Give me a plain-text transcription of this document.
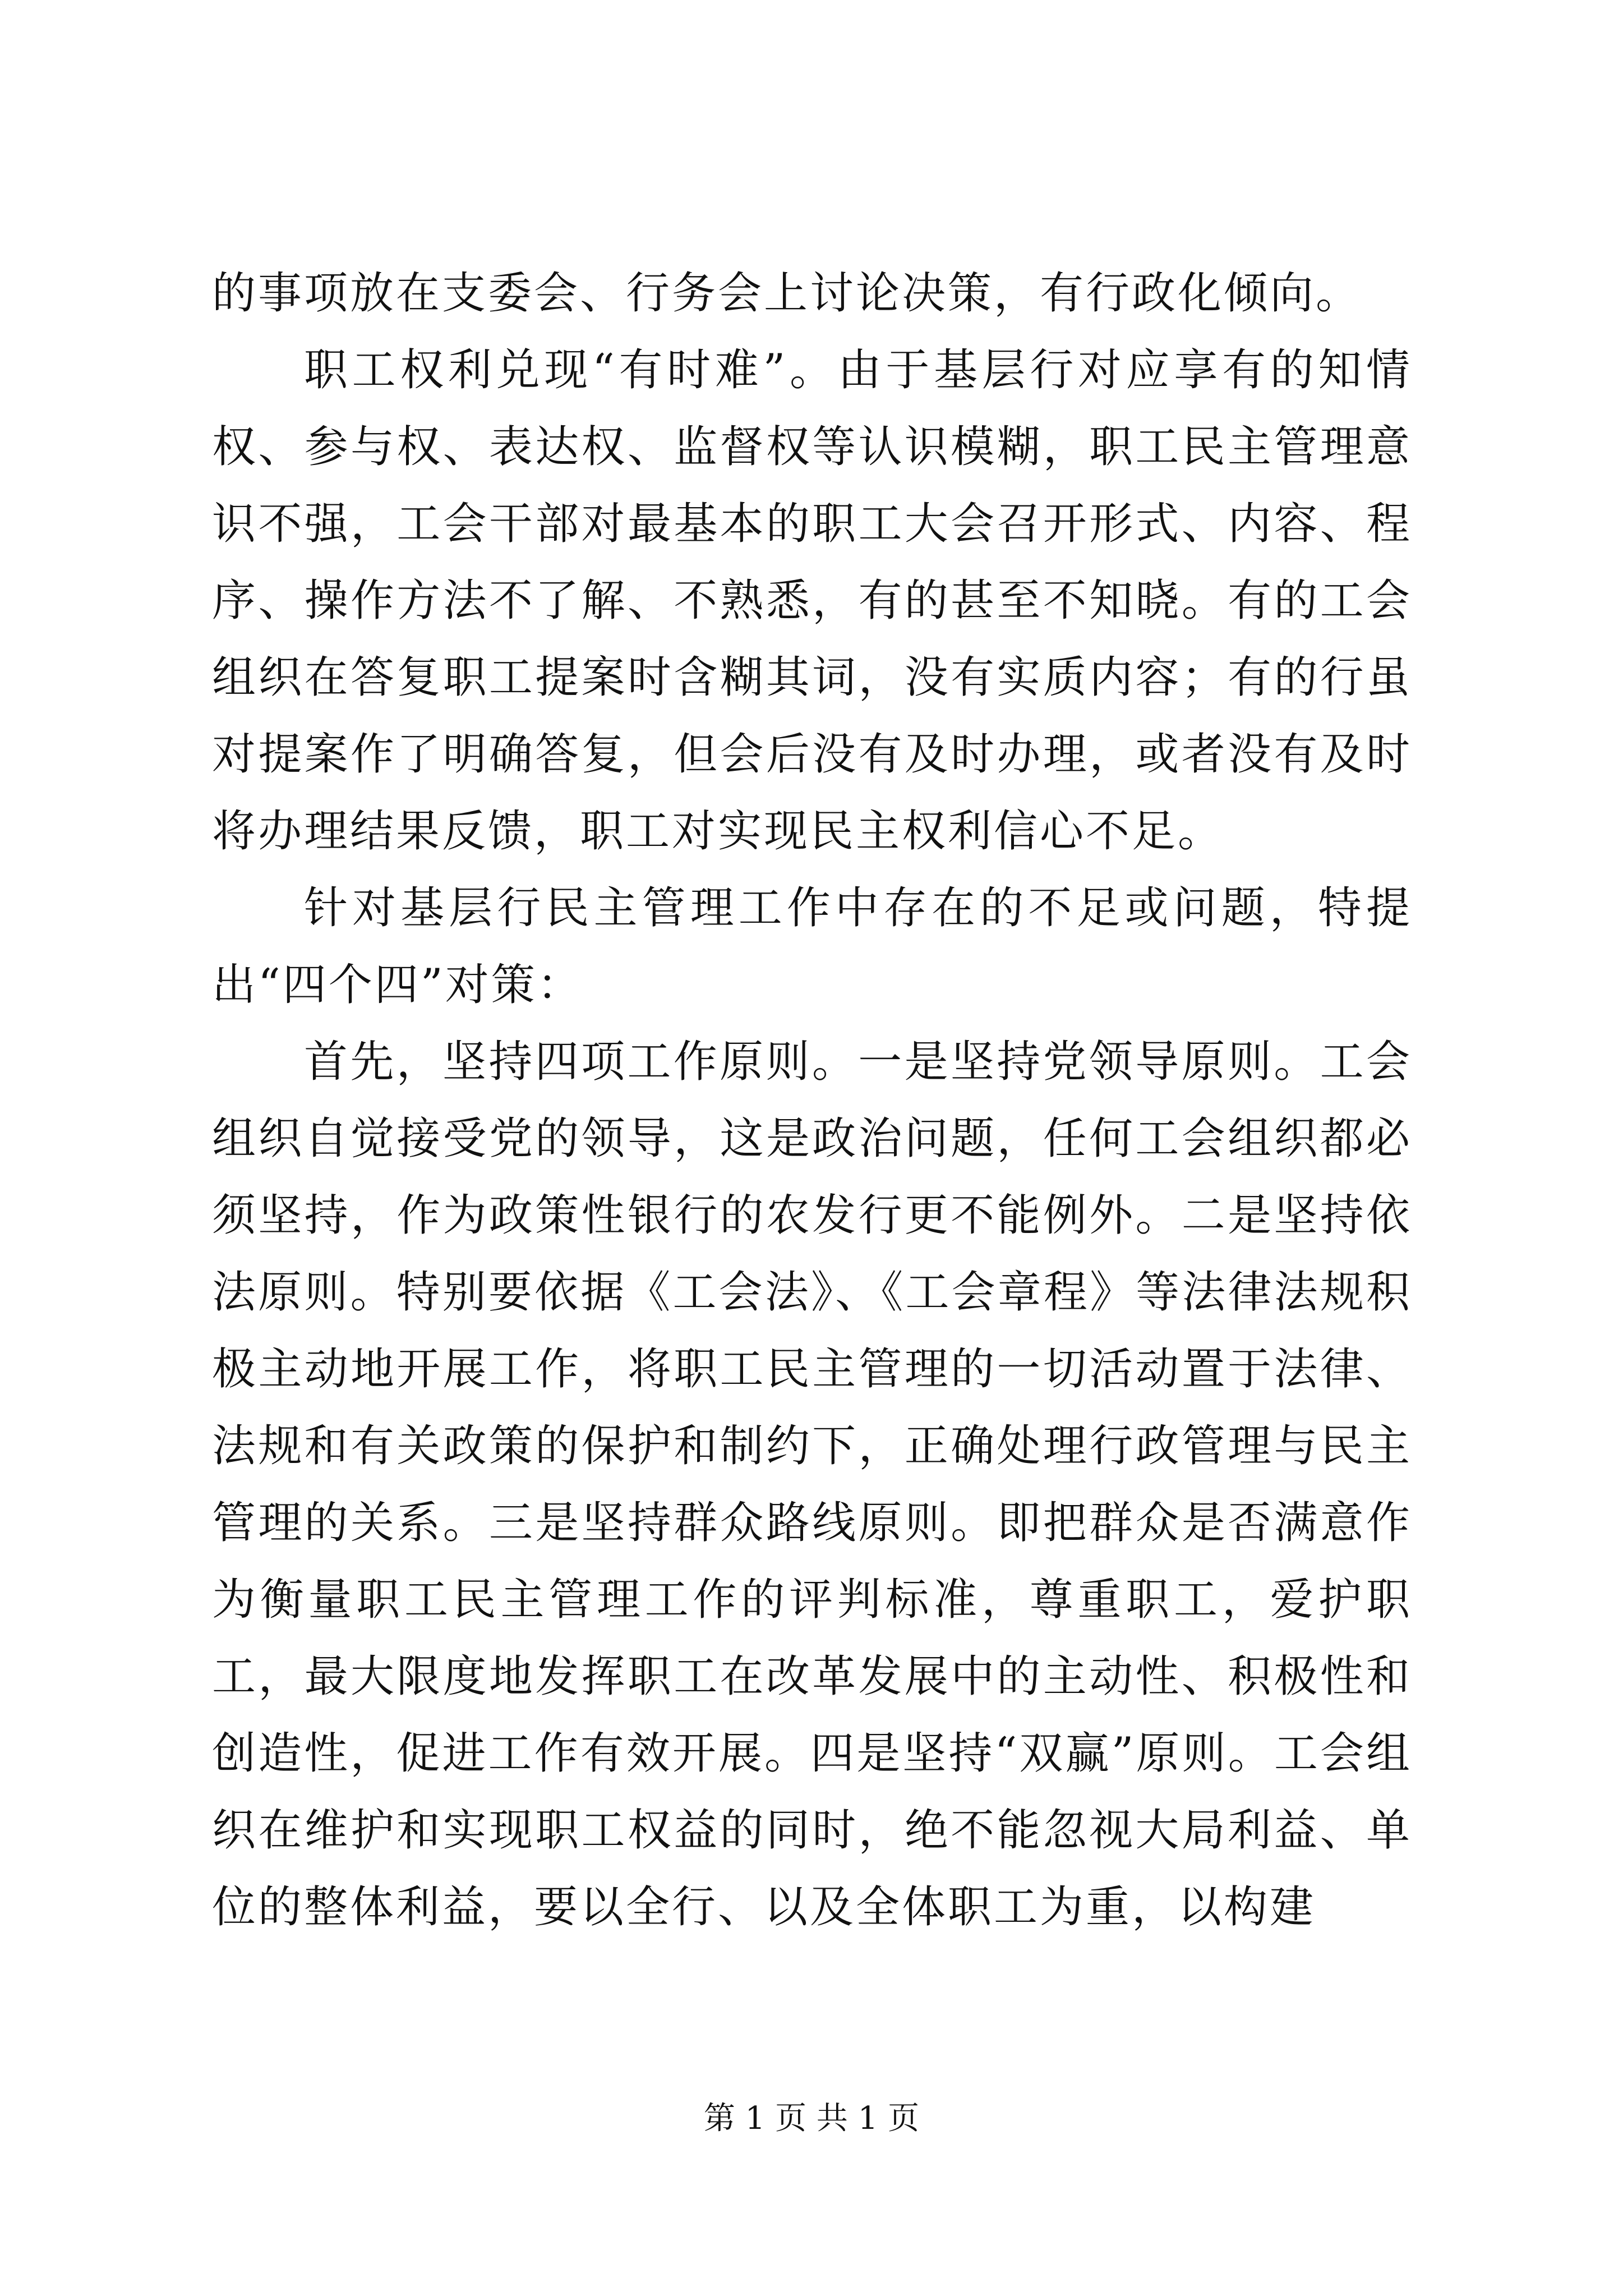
的事项放在支委会、行务会上讨论决策，有行政化倾向。

职工权利兑现“有时难”。由于基层行对应享有的知情权、参与权、表达权、监督权等认识模糊，职工民主管理意识不强，工会干部对最基本的职工大会召开形式、内容、程序、操作方法不了解、不熟悉，有的甚至不知晓。有的工会组织在答复职工提案时含糊其词，没有实质内容；有的行虽对提案作了明确答复，但会后没有及时办理，或者没有及时将办理结果反馈，职工对实现民主权利信心不足。

针对基层行民主管理工作中存在的不足或问题，特提出“四个四”对策：

首先，坚持四项工作原则。一是坚持党领导原则。工会组织自觉接受党的领导，这是政治问题，任何工会组织都必须坚持，作为政策性银行的农发行更不能例外。二是坚持依法原则。特别要依据《工会法》、《工会章程》等法律法规积极主动地开展工作，将职工民主管理的一切活动置于法律、法规和有关政策的保护和制约下，正确处理行政管理与民主管理的关系。三是坚持群众路线原则。即把群众是否满意作为衡量职工民主管理工作的评判标准，尊重职工，爱护职工，最大限度地发挥职工在改革发展中的主动性、积极性和创造性，促进工作有效开展。四是坚持“双赢”原则。工会组织在维护和实现职工权益的同时，绝不能忽视大局利益、单位的整体利益，要以全行、以及全体职工为重，以构建

第 1 页 共 1 页
